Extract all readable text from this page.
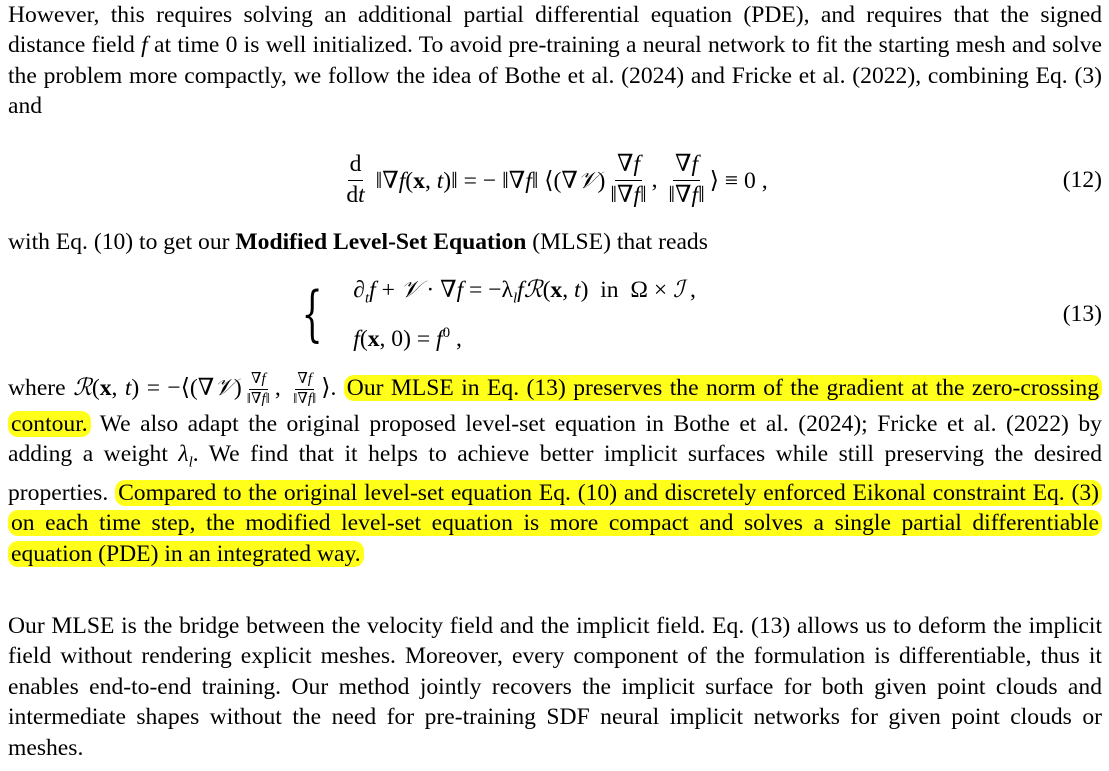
However, this requires solving an additional partial differential equation (PDE), and requires that the signed distance field f at time 0 is well initialized. To avoid pre-training a neural network to fit the starting mesh and solve the problem more compactly, we follow the idea of Bothe et al. (2024) and Fricke et al. (2022), combining Eq. (3) and

$\frac{d}{dt}$ ‖∇f(x, t)‖ = − ‖∇f‖ ⟨(∇𝒱) $\frac{\nabla f}{‖\nabla f‖}$ , $\frac{\nabla f}{‖\nabla f‖}$ ⟩ ≡ 0 ,	(12)

with Eq. (10) to get our Modified Level-Set Equation (MLSE) that reads

{ $\partial_tf$ + 𝒱 · $\nabla f = -\lambda_lfℛ(x$, t)  in  Ω × ℐ ,
f(x, $0) = f^0$ ,
(13)

where ℛ(x, t) = −⟨(∇𝒱) $\frac{\nabla f}{‖\nabla f‖}$ , $\frac{\nabla f}{‖\nabla f‖}$ ⟩. Our MLSE in Eq. (13) preserves the norm of the gradient at the zero-crossing contour. We also adapt the original proposed level-set equation in Bothe et al. (2024); Fricke et al. (2022) by adding a weight $\lambda_l$. We find that it helps to achieve better implicit surfaces while still preserving the desired properties. Compared to the original level-set equation Eq. (10) and discretely enforced Eikonal constraint Eq. (3) on each time step, the modified level-set equation is more compact and solves a single partial differentiable equation (PDE) in an integrated way.

Our MLSE is the bridge between the velocity field and the implicit field. Eq. (13) allows us to deform the implicit field without rendering explicit meshes. Moreover, every component of the formulation is differentiable, thus it enables end-to-end training. Our method jointly recovers the implicit surface for both given point clouds and intermediate shapes without the need for pre-training SDF neural implicit networks for given point clouds or meshes.
